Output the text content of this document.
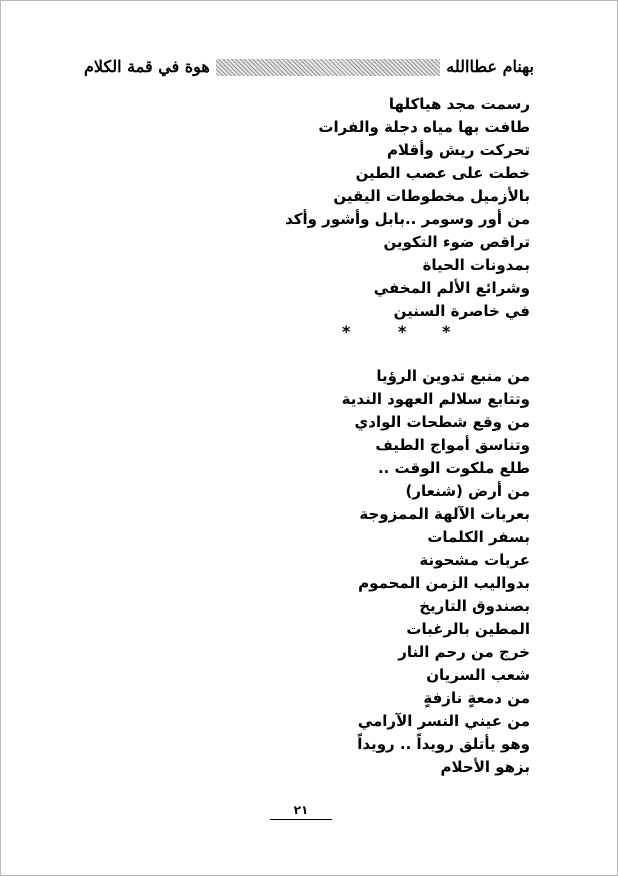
بهنام عطاالله
هوة في قمة الكلام
رسمت مجد هياكلها
طافت بها مياه دجلة والفرات
تحركت ريش وأقلام
خطت على عصب الطين
بالأزميل مخطوطات اليقين
من أور وسومر ..بابل وأشور وأكد
تراقص ضوء التكوين
بمدونات الحياة
وشرائع الألم المخفي
في خاصرة السنين
*	* *
من منبع تدوين الرؤيا
وتتابع سلالم العهود الندية
من وقع شطحات الوادي
وتناسق أمواج الطيف
طلع ملكوت الوقت ..
من أرض (شنعار)
بعربات الآلهة الممزوجة
بسفر الكلمات
عربات مشحونة
بدواليب الزمن المحموم
بصندوق التاريخ
المطين بالرغبات
خرج من رحم النار
شعب السريان
من دمعةٍ نازفةٍ
من عيني النسر الآرامي
وهو يأتلق رويداً .. رويداً
بزهو الأحلام
٢١
